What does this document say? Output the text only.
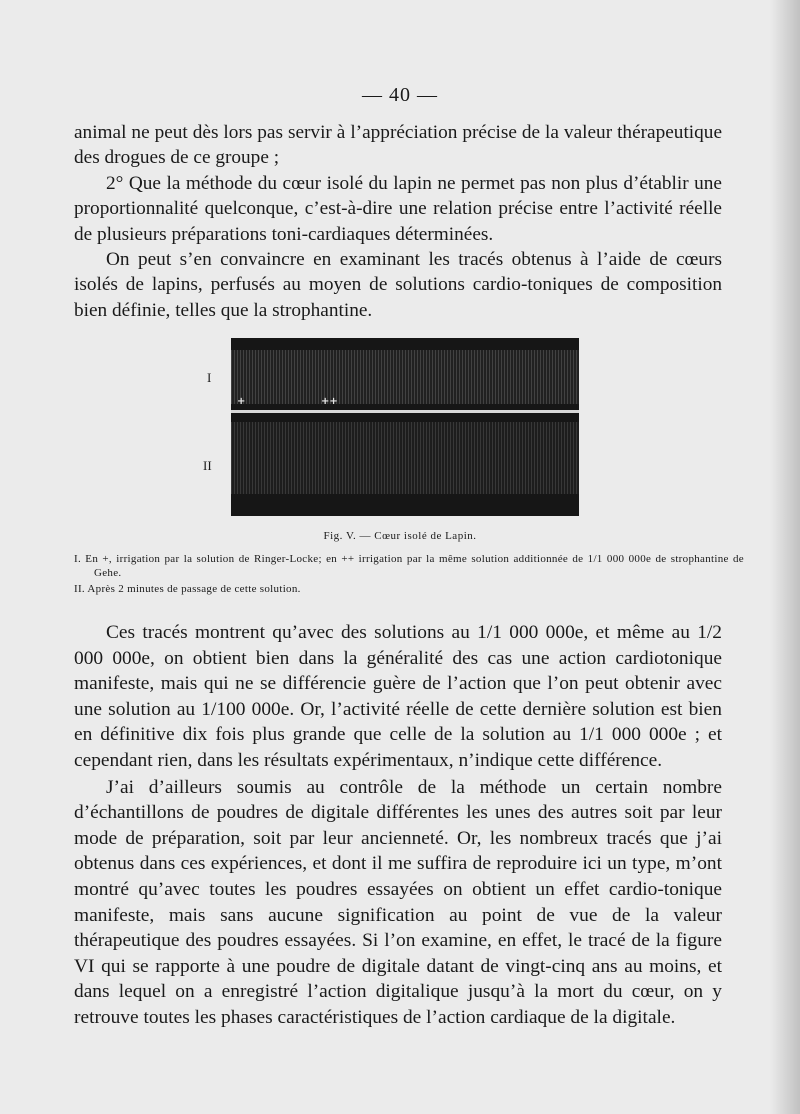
— 40 —

animal ne peut dès lors pas servir à l’appréciation précise de la valeur thérapeutique des drogues de ce groupe ;

2° Que la méthode du cœur isolé du lapin ne permet pas non plus d’établir une proportionnalité quelconque, c’est-à-dire une relation précise entre l’activité réelle de plusieurs préparations toni-cardiaques déterminées.

On peut s’en convaincre en examinant les tracés obtenus à l’aide de cœurs isolés de lapins, perfusés au moyen de solutions cardio-toniques de composition bien définie, telles que la strophantine.

I
II
+	++
Fig. V. — Cœur isolé de Lapin.
I. En +, irrigation par la solution de Ringer-Locke; en ++ irrigation par la même solution additionnée de 1/1 000 000e de strophantine de Gehe.
II. Après 2 minutes de passage de cette solution.

Ces tracés montrent qu’avec des solutions au 1/1 000 000e, et même au 1/2 000 000e, on obtient bien dans la généralité des cas une action cardiotonique manifeste, mais qui ne se différencie guère de l’action que l’on peut obtenir avec une solution au 1/100 000e. Or, l’activité réelle de cette dernière solution est bien en définitive dix fois plus grande que celle de la solution au 1/1 000 000e ; et cependant rien, dans les résultats expérimentaux, n’indique cette différence.

J’ai d’ailleurs soumis au contrôle de la méthode un certain nombre d’échantillons de poudres de digitale différentes les unes des autres soit par leur mode de préparation, soit par leur ancienneté. Or, les nombreux tracés que j’ai obtenus dans ces expériences, et dont il me suffira de reproduire ici un type, m’ont montré qu’avec toutes les poudres essayées on obtient un effet cardio-tonique manifeste, mais sans aucune signification au point de vue de la valeur thérapeutique des poudres essayées. Si l’on examine, en effet, le tracé de la figure VI qui se rapporte à une poudre de digitale datant de vingt-cinq ans au moins, et dans lequel on a enregistré l’action digitalique jusqu’à la mort du cœur, on y retrouve toutes les phases caractéristiques de l’action cardiaque de la digitale.
